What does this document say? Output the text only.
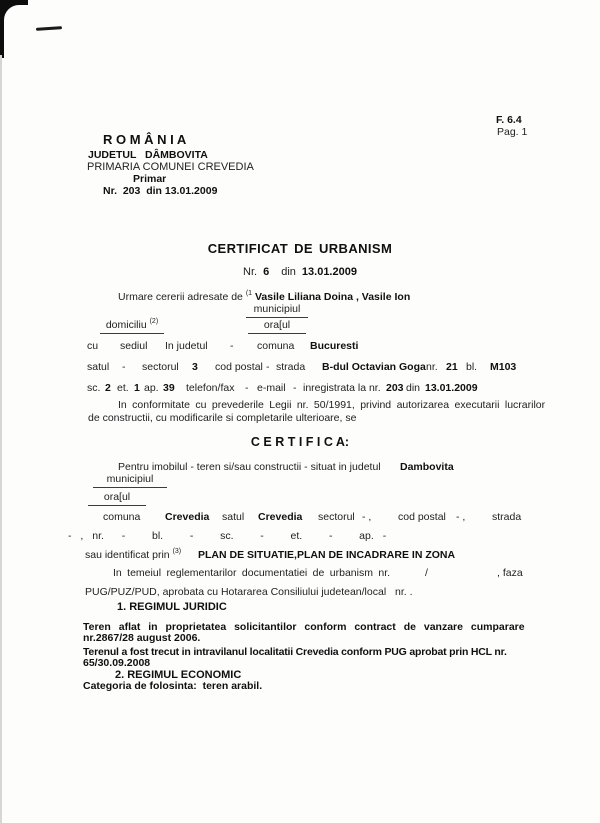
F. 6.4
Pag. 1
R O M Â N I A
JUDETUL   DÂMBOVITA
PRIMARIA COMUNEI CREVEDIA
Primar
Nr.  203  din 13.01.2009
CERTIFICAT DE URBANISM
Nr. 6 din 13.01.2009
Urmare cererii adresate de $^{(1}$ Vasile Liliana Doina , Vasile Ion
municipiul
domiciliu $^{(2)}$	ora[ul
cu sediul In judetul - comuna Bucuresti
satul - sectorul 3 cod postal - strada B-dul Octavian Goga nr. 21 bl. M103
sc. 2 et. 1 ap. 39 telefon/fax - e-mail - inregistrata la nr. 203 din 13.01.2009
In conformitate cu prevederile Legii nr. 50/1991, privind autorizarea executarii lucrarilor
de constructii, cu modificarile si completarile ulterioare, se
C E R T I F I C A:
Pentru imobilul - teren si/sau constructii - situat in judetul Dambovita
municipiul
ora[ul
comuna Crevedia satul Crevedia sectorul - ,	cod postal - ,	strada
- , nr.  -   bl.   -   sc.   -   et.   -   ap. -
sau identificat prin $^{(3)}$ PLAN DE SITUATIE,PLAN DE INCADRARE IN ZONA
In temeiul reglementarilor documentatiei de urbanism nr.	/	, faza
PUG/PUZ/PUD, aprobata cu Hotararea Consiliului judetean/local nr. .
1. REGIMUL JURIDIC
Teren aflat in proprietatea solicitantilor conform contract de vanzare cumparare
nr.2867/28 august 2006.
Terenul a fost trecut in intravilanul localitatii Crevedia conform PUG aprobat prin HCL nr.
65/30.09.2008
2. REGIMUL ECONOMIC
Categoria de folosinta:  teren arabil.
